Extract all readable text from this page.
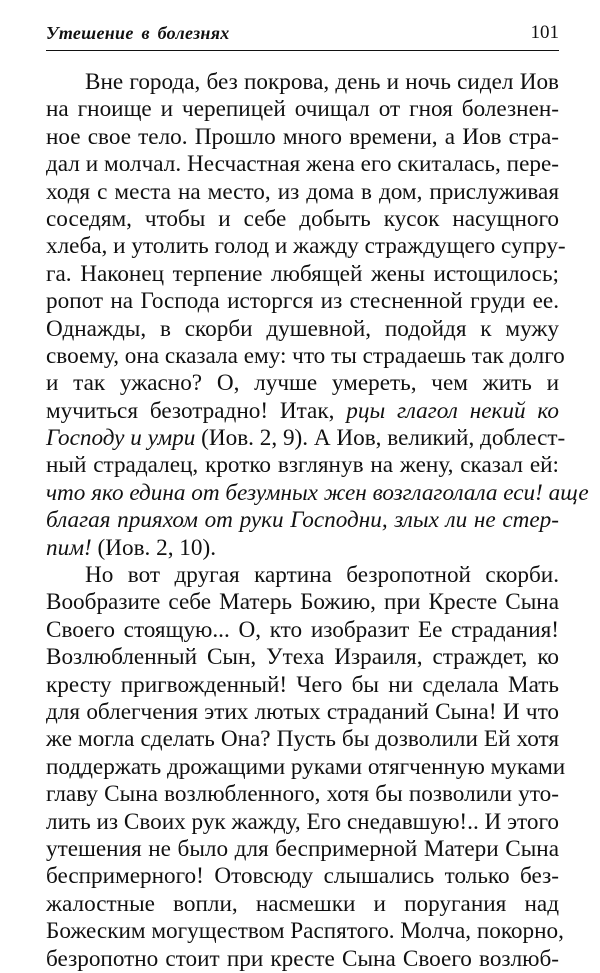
Утешение в болезнях	101
Вне города, без покрова, день и ночь сидел Иов
на гноище и черепицей очищал от гноя болезнен-
ное свое тело. Прошло много времени, а Иов стра-
дал и молчал. Несчастная жена его скиталась, пере-
ходя с места на место, из дома в дом, прислуживая
соседям, чтобы и себе добыть кусок насущного
хлеба, и утолить голод и жажду страждущего супру-
га. Наконец терпение любящей жены истощилось;
ропот на Господа исторгся из стесненной груди ее.
Однажды, в скорби душевной, подойдя к мужу
своему, она сказала ему: что ты страдаешь так долго
и так ужасно? О, лучше умереть, чем жить и
мучиться безотрадно! Итак, рцы глагол некий ко
Господу и умри (Иов. 2, 9). А Иов, великий, доблест-
ный страдалец, кротко взглянув на жену, сказал ей:
что яко едина от безумных жен возглаголала еси! аще
благая прияхом от руки Господни, злых ли не стер-
пим! (Иов. 2, 10).
Но вот другая картина безропотной скорби.
Вообразите себе Матерь Божию, при Кресте Сына
Своего стоящую... О, кто изобразит Ее страдания!
Возлюбленный Сын, Утеха Израиля, страждет, ко
кресту пригвожденный! Чего бы ни сделала Мать
для облегчения этих лютых страданий Сына! И что
же могла сделать Она? Пусть бы дозволили Ей хотя
поддержать дрожащими руками отягченную муками
главу Сына возлюбленного, хотя бы позволили уто-
лить из Своих рук жажду, Его снедавшую!.. И этого
утешения не было для беспримерной Матери Сына
беспримерного! Отовсюду слышались только без-
жалостные вопли, насмешки и поругания над
Божеским могуществом Распятого. Молча, покорно,
безропотно стоит при кресте Сына Своего возлюб-
